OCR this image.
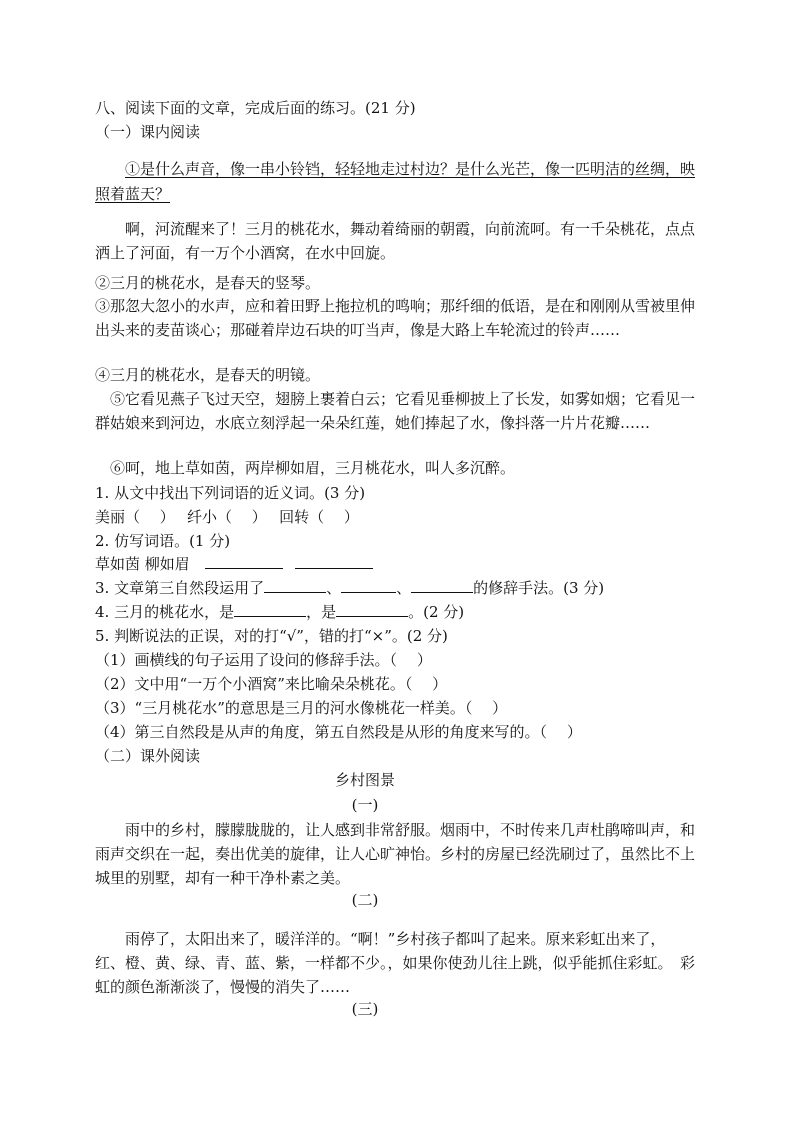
八、阅读下面的文章，完成后面的练习。(21 分)
（一）课内阅读
①是什么声音，像一串小铃铛，轻轻地走过村边？是什么光芒，像一匹明洁的丝绸，映照着蓝天？
啊，河流醒来了！三月的桃花水，舞动着绮丽的朝霞，向前流呵。有一千朵桃花，点点洒上了河面，有一万个小酒窝，在水中回旋。
②三月的桃花水，是春天的竖琴。
③那忽大忽小的水声，应和着田野上拖拉机的鸣响；那纤细的低语，是在和刚刚从雪被里伸出头来的麦苗谈心；那碰着岸边石块的叮当声，像是大路上车轮流过的铃声……
④三月的桃花水，是春天的明镜。
⑤它看见燕子飞过天空，翅膀上裹着白云；它看见垂柳披上了长发，如雾如烟；它看见一群姑娘来到河边，水底立刻浮起一朵朵红莲，她们捧起了水，像抖落一片片花瓣……
⑥呵，地上草如茵，两岸柳如眉，三月桃花水，叫人多沉醉。
1. 从文中找出下列词语的近义词。(3 分)
美丽（　 ）　 纤小（　 ）　 回转（　 ）
2. 仿写词语。(1 分)
草如茵 柳如眉
3. 文章第三自然段运用了	、	、	的修辞手法。(3 分)
4. 三月的桃花水，是	，是	。(2 分)
5. 判断说法的正误，对的打“√”，错的打“×”。(2 分)
（1）画横线的句子运用了设问的修辞手法。（　 ）
（2）文中用“一万个小酒窝”来比喻朵朵桃花。（　 ）
（3）“三月桃花水”的意思是三月的河水像桃花一样美。（　 ）
（4）第三自然段是从声的角度，第五自然段是从形的角度来写的。（　 ）
（二）课外阅读
乡村图景
(一)
雨中的乡村，朦朦胧胧的，让人感到非常舒服。烟雨中，不时传来几声杜鹃啼叫声，和雨声交织在一起，奏出优美的旋律，让人心旷神怡。乡村的房屋已经洗刷过了，虽然比不上城里的别墅，却有一种干净朴素之美。
(二)
雨停了，太阳出来了，暖洋洋的。“啊！”乡村孩子都叫了起来。原来彩虹出来了，红、橙、黄、绿、青、蓝、紫，一样都不少。，如果你使劲儿往上跳，似乎能抓住彩虹。　彩虹的颜色渐渐淡了，慢慢的消失了……
(三)
